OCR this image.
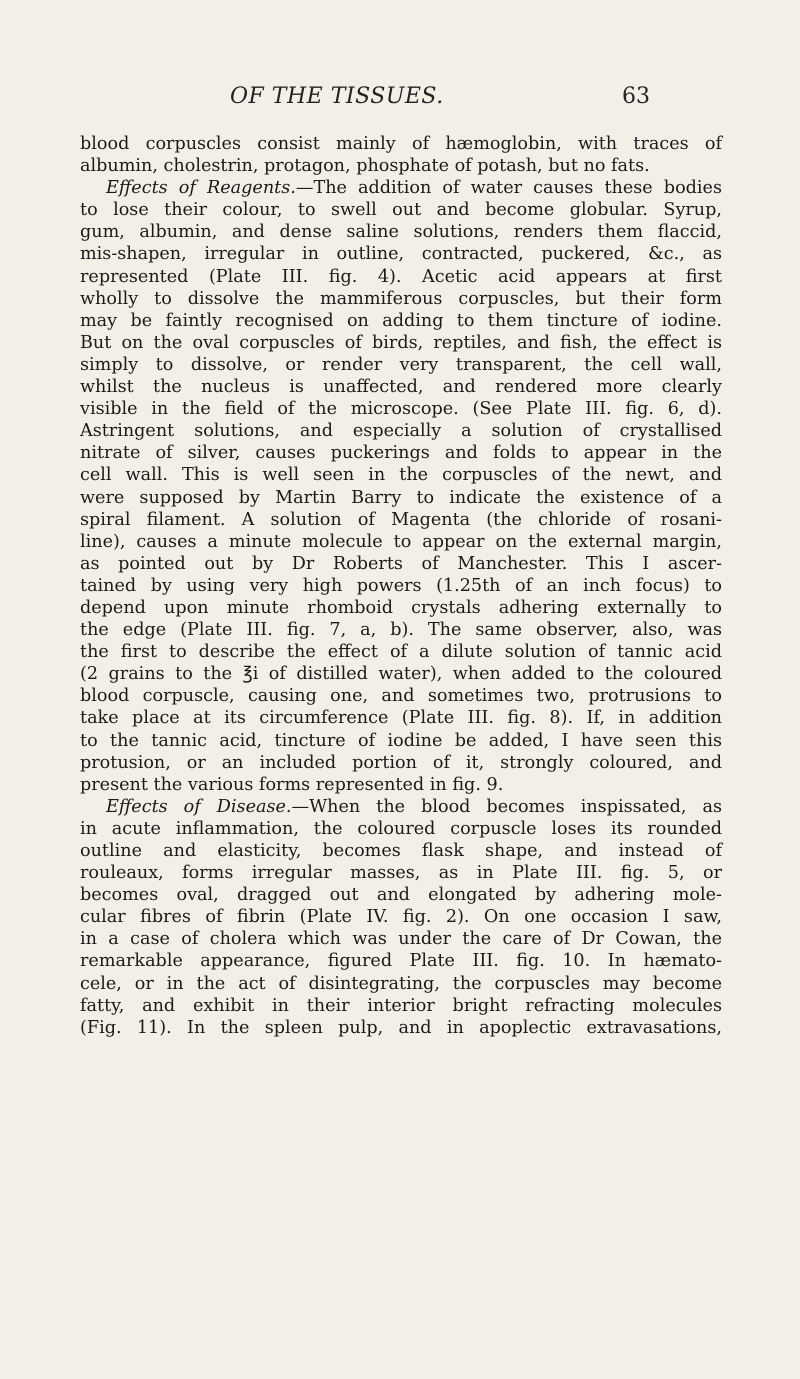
OF THE TISSUES.	63
blood corpuscles consist mainly of hæmoglobin, with traces of
albumin, cholestrin, protagon, phosphate of potash, but no fats.
Effects of Reagents.—The addition of water causes these bodies
to lose their colour, to swell out and become globular. Syrup,
gum, albumin, and dense saline solutions, renders them flaccid,
mis-shapen, irregular in outline, contracted, puckered, &c., as
represented (Plate III. fig. 4). Acetic acid appears at first
wholly to dissolve the mammiferous corpuscles, but their form
may be faintly recognised on adding to them tincture of iodine.
But on the oval corpuscles of birds, reptiles, and fish, the effect is
simply to dissolve, or render very transparent, the cell wall,
whilst the nucleus is unaffected, and rendered more clearly
visible in the field of the microscope. (See Plate III. fig. 6, d).
Astringent solutions, and especially a solution of crystallised
nitrate of silver, causes puckerings and folds to appear in the
cell wall. This is well seen in the corpuscles of the newt, and
were supposed by Martin Barry to indicate the existence of a
spiral filament. A solution of Magenta (the chloride of rosani-
line), causes a minute molecule to appear on the external margin,
as pointed out by Dr Roberts of Manchester. This I ascer-
tained by using very high powers (1.25th of an inch focus) to
depend upon minute rhomboid crystals adhering externally to
the edge (Plate III. fig. 7, a, b). The same observer, also, was
the first to describe the effect of a dilute solution of tannic acid
(2 grains to the ℥i of distilled water), when added to the coloured
blood corpuscle, causing one, and sometimes two, protrusions to
take place at its circumference (Plate III. fig. 8). If, in addition
to the tannic acid, tincture of iodine be added, I have seen this
protusion, or an included portion of it, strongly coloured, and
present the various forms represented in fig. 9.
Effects of Disease.—When the blood becomes inspissated, as
in acute inflammation, the coloured corpuscle loses its rounded
outline and elasticity, becomes flask shape, and instead of
rouleaux, forms irregular masses, as in Plate III. fig. 5, or
becomes oval, dragged out and elongated by adhering mole-
cular fibres of fibrin (Plate IV. fig. 2). On one occasion I saw,
in a case of cholera which was under the care of Dr Cowan, the
remarkable appearance, figured Plate III. fig. 10. In hæmato-
cele, or in the act of disintegrating, the corpuscles may become
fatty, and exhibit in their interior bright refracting molecules
(Fig. 11). In the spleen pulp, and in apoplectic extravasations,
